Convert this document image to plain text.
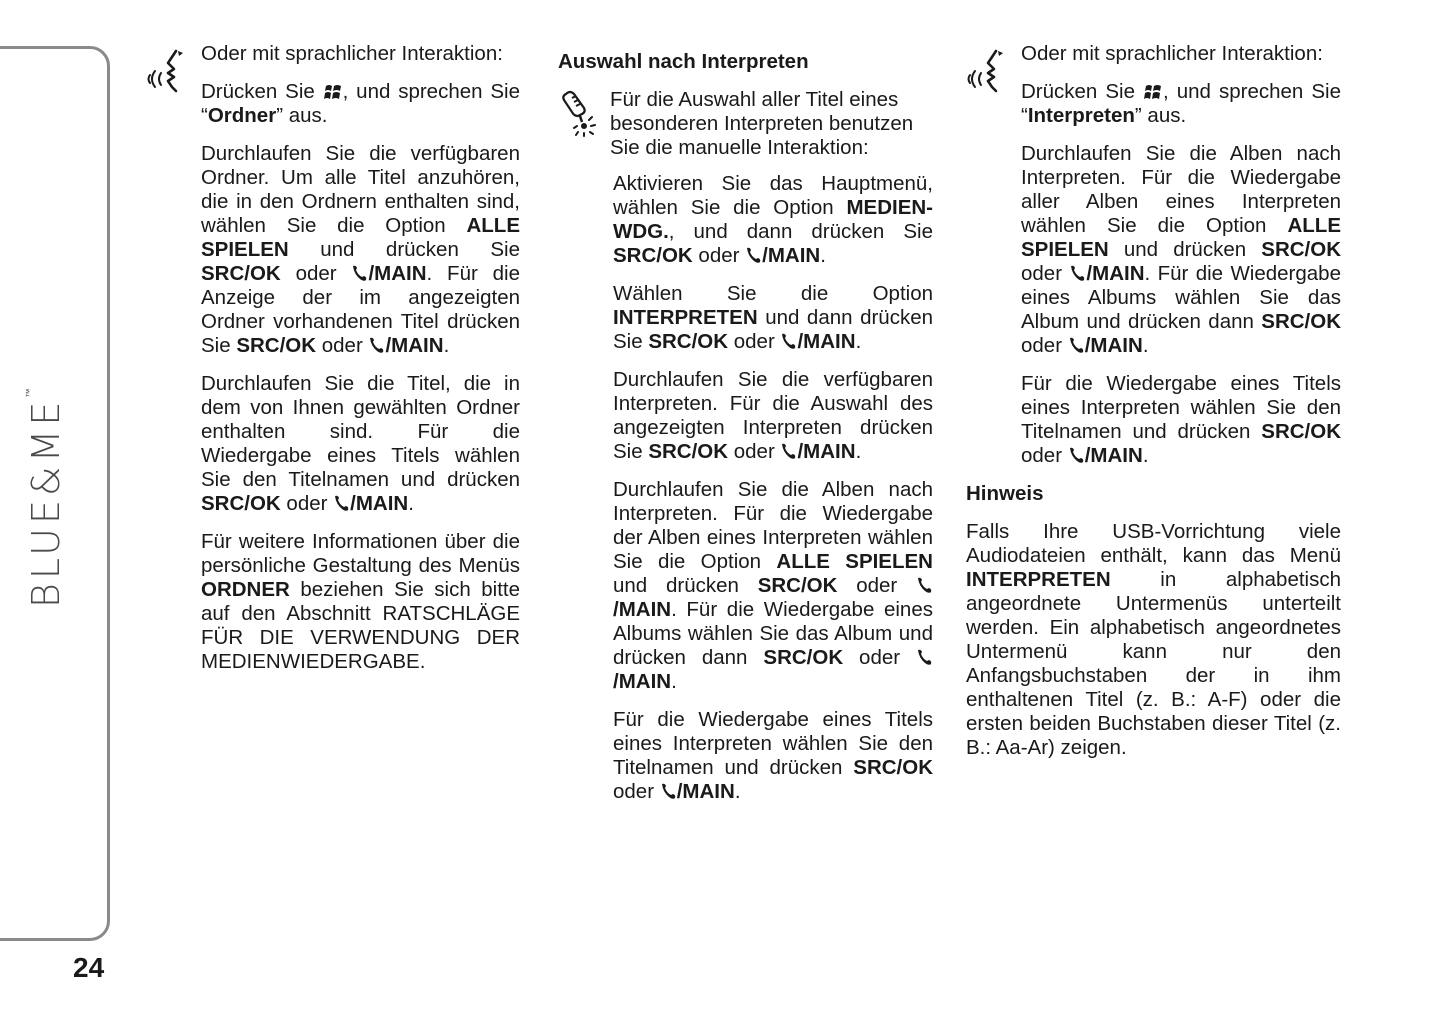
BLUE&ME™
24

Oder mit sprachlicher Interaktion:

Drücken Sie , und sprechen Sie “Ordner” aus.

Durchlaufen Sie die verfügbaren Ordner. Um alle Titel anzuhören, die in den Ordnern enthalten sind, wählen Sie die Option ALLE SPIELEN und drücken Sie SRC/OK oder /MAIN. Für die Anzeige der im angezeigten Ordner vorhandenen Titel drücken Sie SRC/OK oder /MAIN.

Durchlaufen Sie die Titel, die in dem von Ihnen gewählten Ordner enthalten sind. Für die Wiedergabe eines Titels wählen Sie den Titelnamen und drücken SRC/OK oder /MAIN.

Für weitere Informationen über die persönliche Gestaltung des Menüs ORDNER beziehen Sie sich bitte auf den Abschnitt RATSCHLÄGE FÜR DIE VERWENDUNG DER MEDIENWIEDERGABE.

Auswahl nach Interpreten

Für die Auswahl aller Titel eines besonderen Interpreten benutzen Sie die manuelle Interaktion:

Aktivieren Sie das Hauptmenü, wählen Sie die Option MEDIEN-WDG., und dann drücken Sie SRC/OK oder /MAIN.

Wählen Sie die Option INTERPRETEN und dann drücken Sie SRC/OK oder /MAIN.

Durchlaufen Sie die verfügbaren Interpreten. Für die Auswahl des angezeigten Interpreten drücken Sie SRC/OK oder /MAIN.

Durchlaufen Sie die Alben nach Interpreten. Für die Wiedergabe der Alben eines Interpreten wählen Sie die Option ALLE SPIELEN und drücken SRC/OK oder /MAIN. Für die Wiedergabe eines Albums wählen Sie das Album und drücken dann SRC/OK oder /MAIN.

Für die Wiedergabe eines Titels eines Interpreten wählen Sie den Titelnamen und drücken SRC/OK oder /MAIN.

Oder mit sprachlicher Interaktion:

Drücken Sie , und sprechen Sie “Interpreten” aus.

Durchlaufen Sie die Alben nach Interpreten. Für die Wiedergabe aller Alben eines Interpreten wählen Sie die Option ALLE SPIELEN und drücken SRC/OK oder /MAIN. Für die Wiedergabe eines Albums wählen Sie das Album und drücken dann SRC/OK oder /MAIN.

Für die Wiedergabe eines Titels eines Interpreten wählen Sie den Titelnamen und drücken SRC/OK oder /MAIN.

Hinweis

Falls Ihre USB-Vorrichtung viele Audiodateien enthält, kann das Menü INTERPRETEN in alphabetisch angeordnete Untermenüs unterteilt werden. Ein alphabetisch angeordnetes Untermenü kann nur den Anfangsbuchstaben der in ihm enthaltenen Titel (z. B.: A-F) oder die ersten beiden Buchstaben dieser Titel (z. B.: Aa-Ar) zeigen.
